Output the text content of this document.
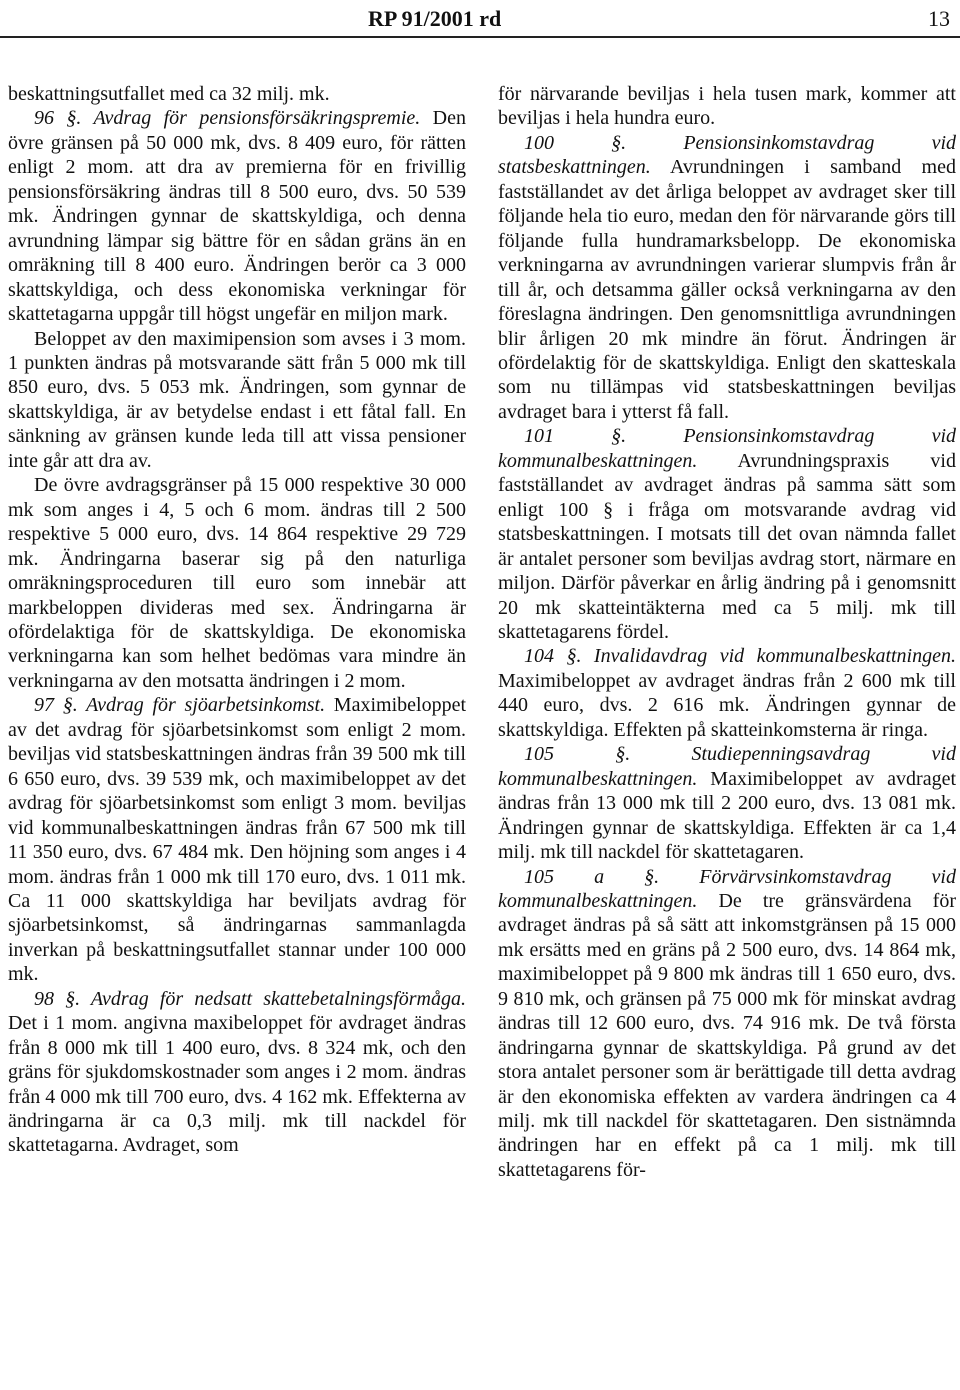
RP 91/2001 rd	13

beskattningsutfallet med ca 32 milj. mk.

96 §. Avdrag för pensionsförsäkringspremie. Den övre gränsen på 50 000 mk, dvs. 8 409 euro, för rätten enligt 2 mom. att dra av premierna för en frivillig pensionsförsäkring ändras till 8 500 euro, dvs. 50 539 mk. Ändringen gynnar de skattskyldiga, och denna avrundning lämpar sig bättre för en sådan gräns än en omräkning till 8 400 euro. Ändringen berör ca 3 000 skattskyldiga, och dess ekonomiska verkningar för skattetagarna uppgår till högst ungefär en miljon mark.

Beloppet av den maximipension som avses i 3 mom. 1 punkten ändras på motsvarande sätt från 5 000 mk till 850 euro, dvs. 5 053 mk. Ändringen, som gynnar de skattskyldiga, är av betydelse endast i ett fåtal fall. En sänkning av gränsen kunde leda till att vissa pensioner inte går att dra av.

De övre avdragsgränser på 15 000 respektive 30 000 mk som anges i 4, 5 och 6 mom. ändras till 2 500 respektive 5 000 euro, dvs. 14 864 respektive 29 729 mk. Ändringarna baserar sig på den naturliga omräkningsproceduren till euro som innebär att markbeloppen divideras med sex. Ändringarna är ofördelaktiga för de skattskyldiga. De ekonomiska verkningarna kan som helhet bedömas vara mindre än verkningarna av den motsatta ändringen i 2 mom.

97 §. Avdrag för sjöarbetsinkomst. Maximibeloppet av det avdrag för sjöarbetsinkomst som enligt 2 mom. beviljas vid statsbeskattningen ändras från 39 500 mk till 6 650 euro, dvs. 39 539 mk, och maximibeloppet av det avdrag för sjöarbetsinkomst som enligt 3 mom. beviljas vid kommunalbeskattningen ändras från 67 500 mk till 11 350 euro, dvs. 67 484 mk. Den höjning som anges i 4 mom. ändras från 1 000 mk till 170 euro, dvs. 1 011 mk. Ca 11 000 skattskyldiga har beviljats avdrag för sjöarbetsinkomst, så ändringarnas sammanlagda inverkan på beskattningsutfallet stannar under 100 000 mk.

98 §. Avdrag för nedsatt skattebetalningsförmåga. Det i 1 mom. angivna maxibeloppet för avdraget ändras från 8 000 mk till 1 400 euro, dvs. 8 324 mk, och den gräns för sjukdomskostnader som anges i 2 mom. ändras från 4 000 mk till 700 euro, dvs. 4 162 mk. Effekterna av ändringarna är ca 0,3 milj. mk till nackdel för skattetagarna. Avdraget, som

för närvarande beviljas i hela tusen mark, kommer att beviljas i hela hundra euro.

100 §. Pensionsinkomstavdrag vid statsbeskattningen. Avrundningen i samband med fastställandet av det årliga beloppet av avdraget sker till följande hela tio euro, medan den för närvarande görs till följande fulla hundramarksbelopp. De ekonomiska verkningarna av avrundningen varierar slumpvis från år till år, och detsamma gäller också verkningarna av den föreslagna ändringen. Den genomsnittliga avrundningen blir årligen 20 mk mindre än förut. Ändringen är ofördelaktig för de skattskyldiga. Enligt den skatteskala som nu tillämpas vid statsbeskattningen beviljas avdraget bara i ytterst få fall.

101 §. Pensionsinkomstavdrag vid kommunalbeskattningen. Avrundningspraxis vid fastställandet av avdraget ändras på samma sätt som enligt 100 § i fråga om motsvarande avdrag vid statsbeskattningen. I motsats till det ovan nämnda fallet är antalet personer som beviljas avdrag stort, närmare en miljon. Därför påverkar en årlig ändring på i genomsnitt 20 mk skatteintäkterna med ca 5 milj. mk till skattetagarens fördel.

104 §. Invalidavdrag vid kommunalbeskattningen. Maximibeloppet av avdraget ändras från 2 600 mk till 440 euro, dvs. 2 616 mk. Ändringen gynnar de skattskyldiga. Effekten på skatteinkomsterna är ringa.

105 §. Studiepenningsavdrag vid kommunalbeskattningen. Maximibeloppet av avdraget ändras från 13 000 mk till 2 200 euro, dvs. 13 081 mk. Ändringen gynnar de skattskyldiga. Effekten är ca 1,4 milj. mk till nackdel för skattetagaren.

105 a §. Förvärvsinkomstavdrag vid kommunalbeskattningen. De tre gränsvärdena för avdraget ändras på så sätt att inkomstgränsen på 15 000 mk ersätts med en gräns på 2 500 euro, dvs. 14 864 mk, maximibeloppet på 9 800 mk ändras till 1 650 euro, dvs. 9 810 mk, och gränsen på 75 000 mk för minskat avdrag ändras till 12 600 euro, dvs. 74 916 mk. De två första ändringarna gynnar de skattskyldiga. På grund av det stora antalet personer som är berättigade till detta avdrag är den ekonomiska effekten av vardera ändringen ca 4 milj. mk till nackdel för skattetagaren. Den sistnämnda ändringen har en effekt på ca 1 milj. mk till skattetagarens för-
